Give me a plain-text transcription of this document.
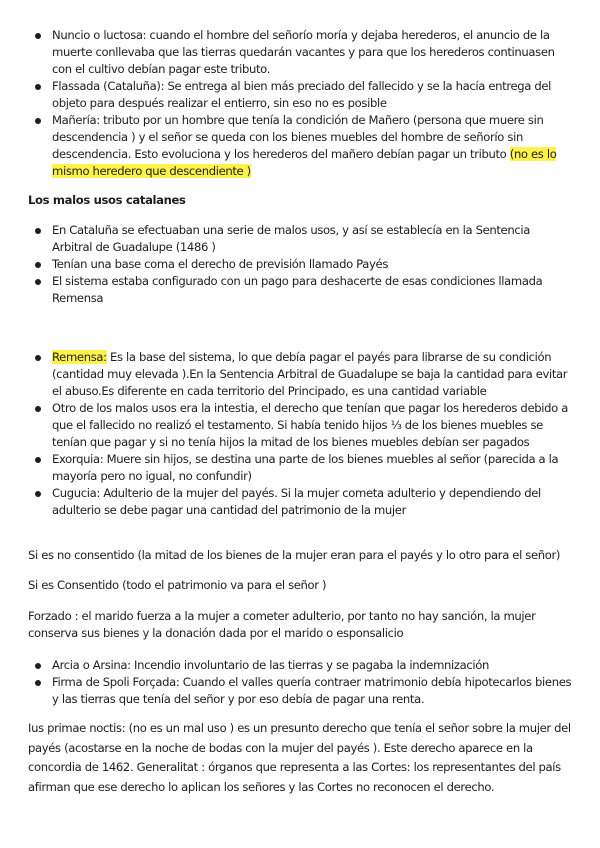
Nuncio o luctosa: cuando el hombre del señorío moría y dejaba herederos, el anuncio de la muerte conllevaba que las tierras quedarán vacantes y para que los herederos continuasen con el cultivo debían pagar este tributo.
Flassada (Cataluña): Se entrega al bien más preciado del fallecido y se la hacía entrega del objeto para después realizar el entierro, sin eso no es posible
Mañería: tributo por un hombre que tenía la condición de Mañero (persona que muere sin descendencia ) y el señor se queda con los bienes muebles del hombre de señorío sin descendencia. Esto evoluciona y los herederos del mañero debían pagar un tributo (no es lo mismo heredero que descendiente )

Los malos usos catalanes

En Cataluña se efectuaban una serie de malos usos, y así se establecía en la Sentencia Arbitral de Guadalupe (1486 )
Tenían una base coma el derecho de previsión llamado Payés
El sistema estaba configurado con un pago para deshacerte de esas condiciones llamada Remensa
Remensa: Es la base del sistema, lo que debía pagar el payés para librarse de su condición (cantidad muy elevada ).En la Sentencia Arbitral de Guadalupe se baja la cantidad para evitar el abuso.Es diferente en cada territorio del Principado, es una cantidad variable
Otro de los malos usos era la intestia, el derecho que tenían que pagar los herederos debido a que el fallecido no realizó el testamento. Si había tenido hijos ⅓ de los bienes muebles se tenían que pagar y si no tenía hijos la mitad de los bienes muebles debían ser pagados
Exorquia: Muere sin hijos, se destina una parte de los bienes muebles al señor (parecida a la mayoría pero no igual, no confundir)
Cugucia: Adulterio de la mujer del payés. Si la mujer cometa adulterio y dependiendo del adulterio se debe pagar una cantidad del patrimonio de la mujer

Si es no consentido (la mitad de los bienes de la mujer eran para el payés y lo otro para el señor)

Si es Consentido (todo el patrimonio va para el señor )

Forzado : el marido fuerza a la mujer a cometer adulterio, por tanto no hay sanción, la mujer conserva sus bienes y la donación dada por el marido o esponsalicio

Arcia o Arsina: Incendio involuntario de las tierras y se pagaba la indemnización
Firma de Spoli Forçada: Cuando el valles quería contraer matrimonio debía hipotecarlos bienes y las tierras que tenía del señor y por eso debía de pagar una renta.

Ius primae noctis: (no es un mal uso ) es un presunto derecho que tenía el señor sobre la mujer del payés (acostarse en la noche de bodas con la mujer del payés ). Este derecho aparece en la concordia de 1462. Generalitat : órganos que representa a las Cortes: los representantes del país afirman que ese derecho lo aplican los señores y las Cortes no reconocen el derecho.
